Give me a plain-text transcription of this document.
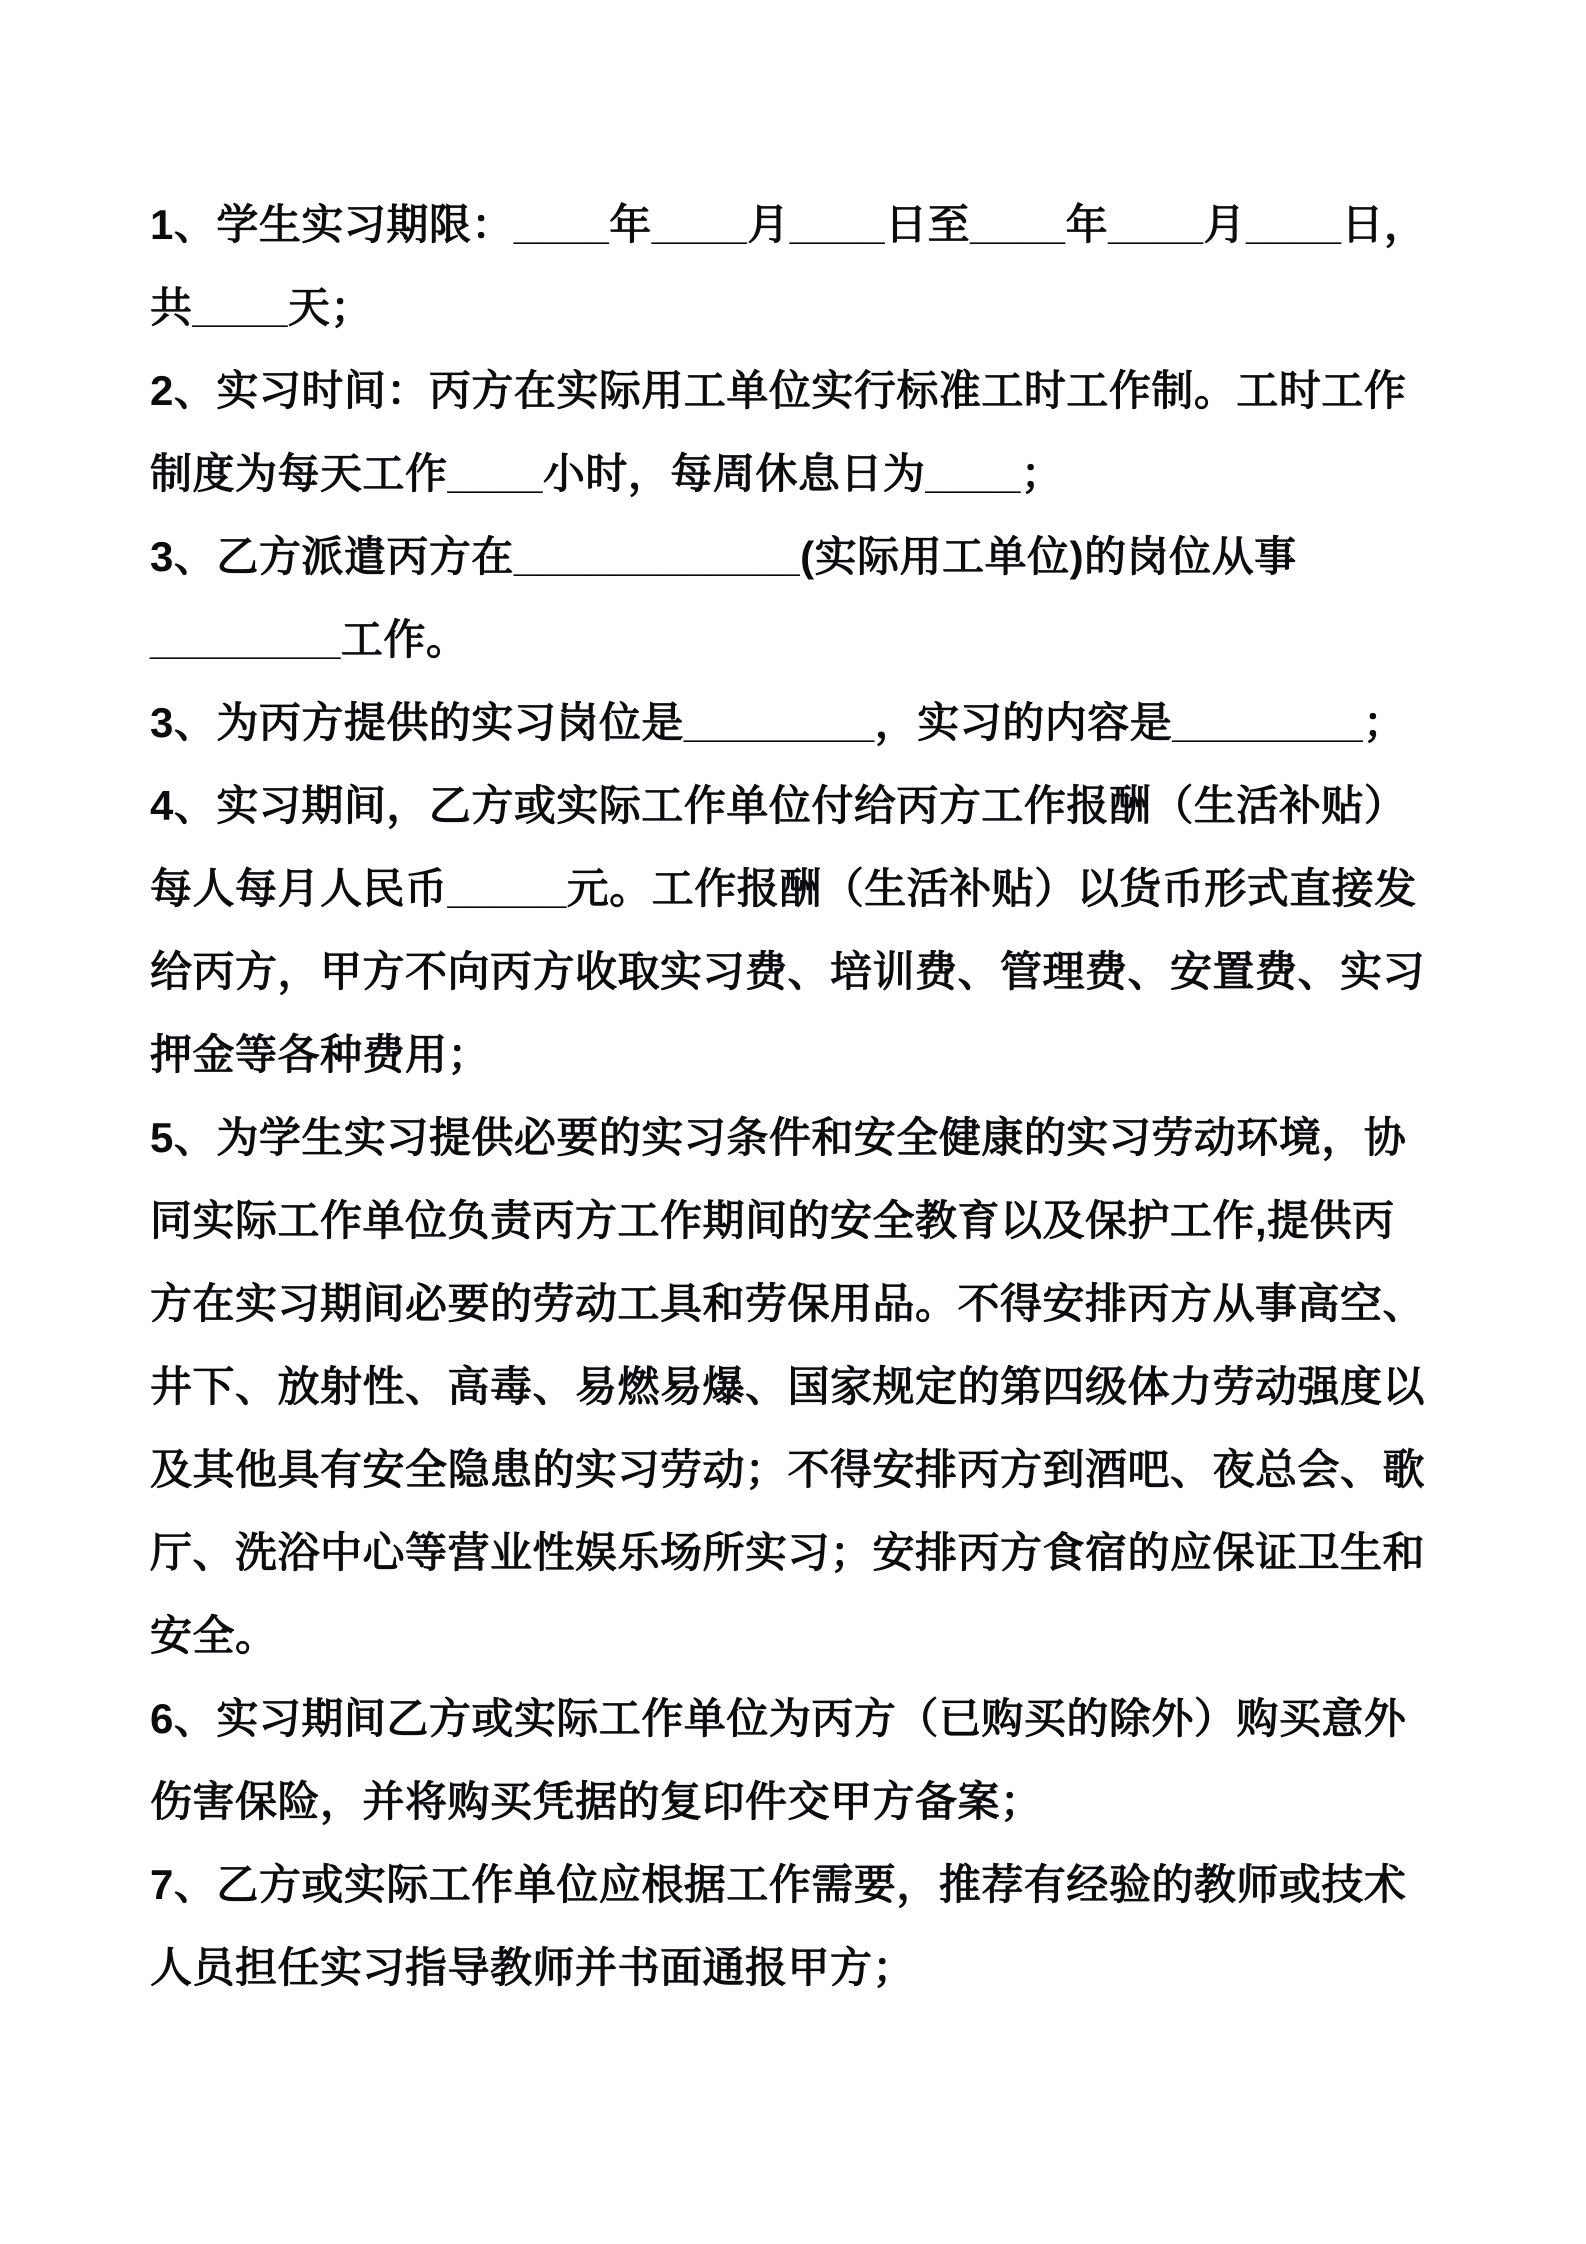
1、学生实习期限：____年____月____日至____年____月____日，
共____天；
2、实习时间：丙方在实际用工单位实行标准工时工作制。工时工作
制度为每天工作____小时，每周休息日为____；
3、乙方派遣丙方在____________(实际用工单位)的岗位从事
________工作。
3、为丙方提供的实习岗位是________，实习的内容是________；
4、实习期间，乙方或实际工作单位付给丙方工作报酬（生活补贴）
每人每月人民币_____元。工作报酬（生活补贴）以货币形式直接发
给丙方，甲方不向丙方收取实习费、培训费、管理费、安置费、实习
押金等各种费用；
5、为学生实习提供必要的实习条件和安全健康的实习劳动环境，协
同实际工作单位负责丙方工作期间的安全教育以及保护工作,提供丙
方在实习期间必要的劳动工具和劳保用品。不得安排丙方从事高空、
井下、放射性、高毒、易燃易爆、国家规定的第四级体力劳动强度以
及其他具有安全隐患的实习劳动；不得安排丙方到酒吧、夜总会、歌
厅、洗浴中心等营业性娱乐场所实习；安排丙方食宿的应保证卫生和
安全。
6、实习期间乙方或实际工作单位为丙方（已购买的除外）购买意外
伤害保险，并将购买凭据的复印件交甲方备案；
7、乙方或实际工作单位应根据工作需要，推荐有经验的教师或技术
人员担任实习指导教师并书面通报甲方；
